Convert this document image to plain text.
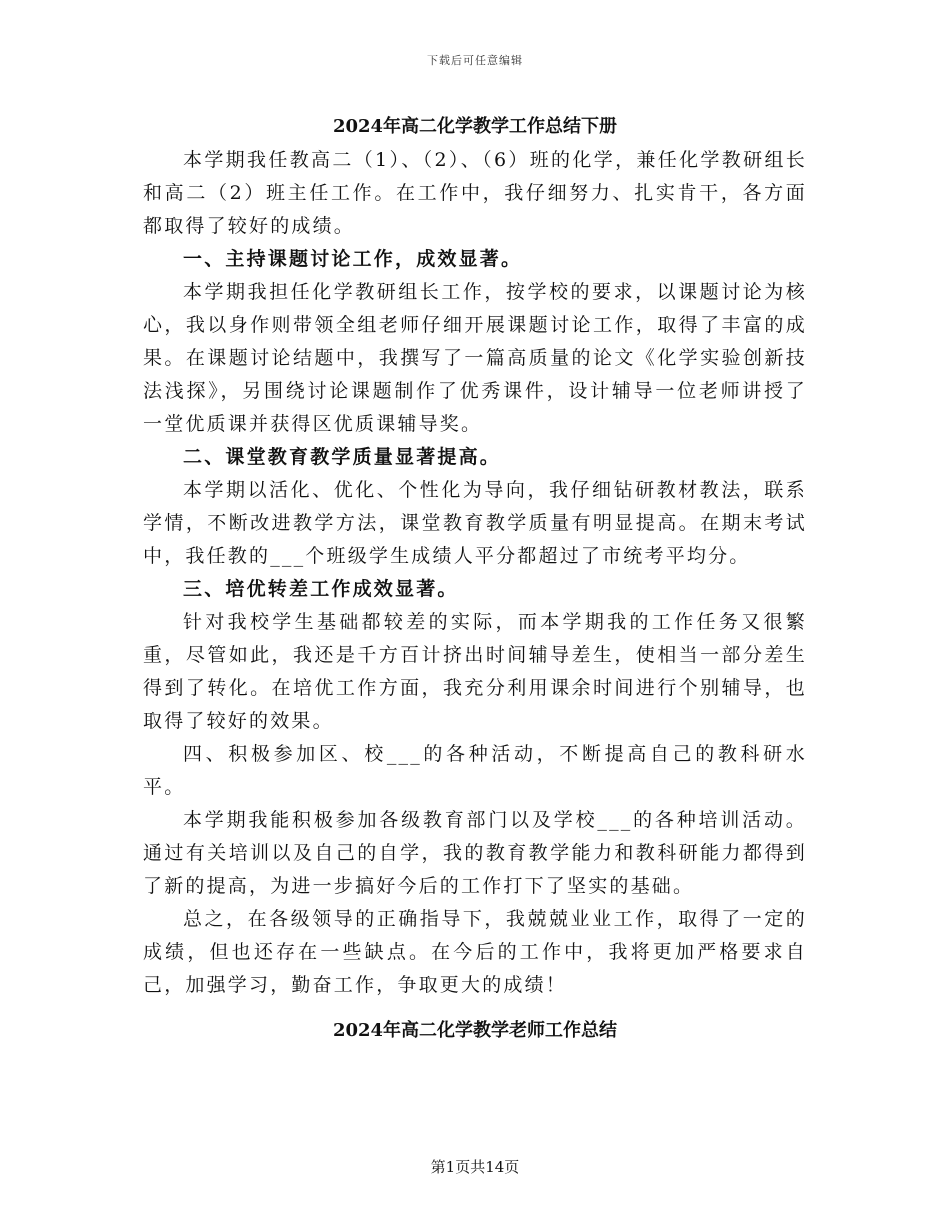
下载后可任意编辑
2024年高二化学教学工作总结下册

本学期我任教高二（1）、（2）、（6）班的化学，兼任化学教研组长和高二（2）班主任工作。在工作中，我仔细努力、扎实肯干，各方面都取得了较好的成绩。

一、主持课题讨论工作，成效显著。

本学期我担任化学教研组长工作，按学校的要求，以课题讨论为核心，我以身作则带领全组老师仔细开展课题讨论工作，取得了丰富的成果。在课题讨论结题中，我撰写了一篇高质量的论文《化学实验创新技法浅探》，另围绕讨论课题制作了优秀课件，设计辅导一位老师讲授了一堂优质课并获得区优质课辅导奖。

二、课堂教育教学质量显著提高。

本学期以活化、优化、个性化为导向，我仔细钻研教材教法，联系学情，不断改进教学方法，课堂教育教学质量有明显提高。在期末考试中，我任教的___个班级学生成绩人平分都超过了市统考平均分。

三、培优转差工作成效显著。

针对我校学生基础都较差的实际，而本学期我的工作任务又很繁重，尽管如此，我还是千方百计挤出时间辅导差生，使相当一部分差生得到了转化。在培优工作方面，我充分利用课余时间进行个别辅导，也取得了较好的效果。

四、积极参加区、校___的各种活动，不断提高自己的教科研水平。

本学期我能积极参加各级教育部门以及学校___的各种培训活动。通过有关培训以及自己的自学，我的教育教学能力和教科研能力都得到了新的提高，为进一步搞好今后的工作打下了坚实的基础。

总之，在各级领导的正确指导下，我兢兢业业工作，取得了一定的成绩，但也还存在一些缺点。在今后的工作中，我将更加严格要求自己，加强学习，勤奋工作，争取更大的成绩！

2024年高二化学教学老师工作总结
第1页共14页
